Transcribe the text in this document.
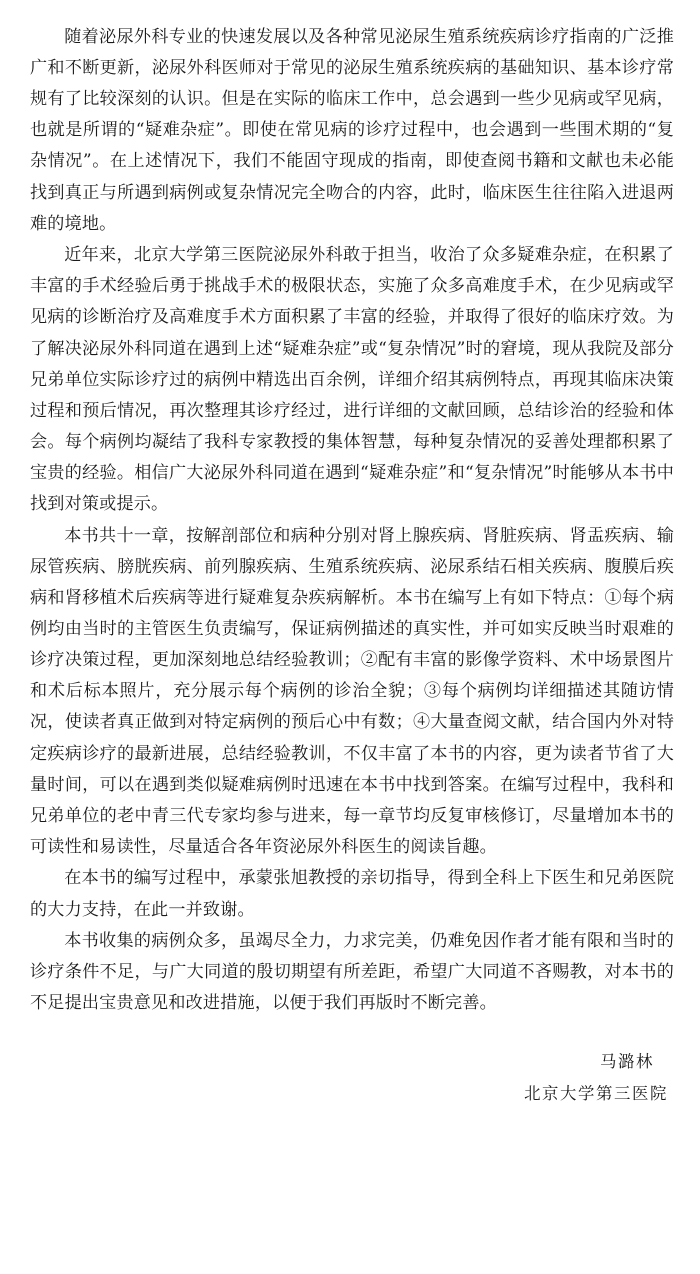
随着泌尿外科专业的快速发展以及各种常见泌尿生殖系统疾病诊疗指南的广泛推广和不断更新，泌尿外科医师对于常见的泌尿生殖系统疾病的基础知识、基本诊疗常规有了比较深刻的认识。但是在实际的临床工作中，总会遇到一些少见病或罕见病，也就是所谓的“疑难杂症”。即使在常见病的诊疗过程中，也会遇到一些围术期的“复杂情况”。在上述情况下，我们不能固守现成的指南，即使查阅书籍和文献也未必能找到真正与所遇到病例或复杂情况完全吻合的内容，此时，临床医生往往陷入进退两难的境地。

近年来，北京大学第三医院泌尿外科敢于担当，收治了众多疑难杂症，在积累了丰富的手术经验后勇于挑战手术的极限状态，实施了众多高难度手术，在少见病或罕见病的诊断治疗及高难度手术方面积累了丰富的经验，并取得了很好的临床疗效。为了解决泌尿外科同道在遇到上述“疑难杂症”或“复杂情况”时的窘境，现从我院及部分兄弟单位实际诊疗过的病例中精选出百余例，详细介绍其病例特点，再现其临床决策过程和预后情况，再次整理其诊疗经过，进行详细的文献回顾，总结诊治的经验和体会。每个病例均凝结了我科专家教授的集体智慧，每种复杂情况的妥善处理都积累了宝贵的经验。相信广大泌尿外科同道在遇到“疑难杂症”和“复杂情况”时能够从本书中找到对策或提示。

本书共十一章，按解剖部位和病种分别对肾上腺疾病、肾脏疾病、肾盂疾病、输尿管疾病、膀胱疾病、前列腺疾病、生殖系统疾病、泌尿系结石相关疾病、腹膜后疾病和肾移植术后疾病等进行疑难复杂疾病解析。本书在编写上有如下特点：①每个病例均由当时的主管医生负责编写，保证病例描述的真实性，并可如实反映当时艰难的诊疗决策过程，更加深刻地总结经验教训；②配有丰富的影像学资料、术中场景图片和术后标本照片，充分展示每个病例的诊治全貌；③每个病例均详细描述其随访情况，使读者真正做到对特定病例的预后心中有数；④大量查阅文献，结合国内外对特定疾病诊疗的最新进展，总结经验教训，不仅丰富了本书的内容，更为读者节省了大量时间，可以在遇到类似疑难病例时迅速在本书中找到答案。在编写过程中，我科和兄弟单位的老中青三代专家均参与进来，每一章节均反复审核修订，尽量增加本书的可读性和易读性，尽量适合各年资泌尿外科医生的阅读旨趣。

在本书的编写过程中，承蒙张旭教授的亲切指导，得到全科上下医生和兄弟医院的大力支持，在此一并致谢。

本书收集的病例众多，虽竭尽全力，力求完美，仍难免因作者才能有限和当时的诊疗条件不足，与广大同道的殷切期望有所差距，希望广大同道不吝赐教，对本书的不足提出宝贵意见和改进措施，以便于我们再版时不断完善。

马潞林
北京大学第三医院
